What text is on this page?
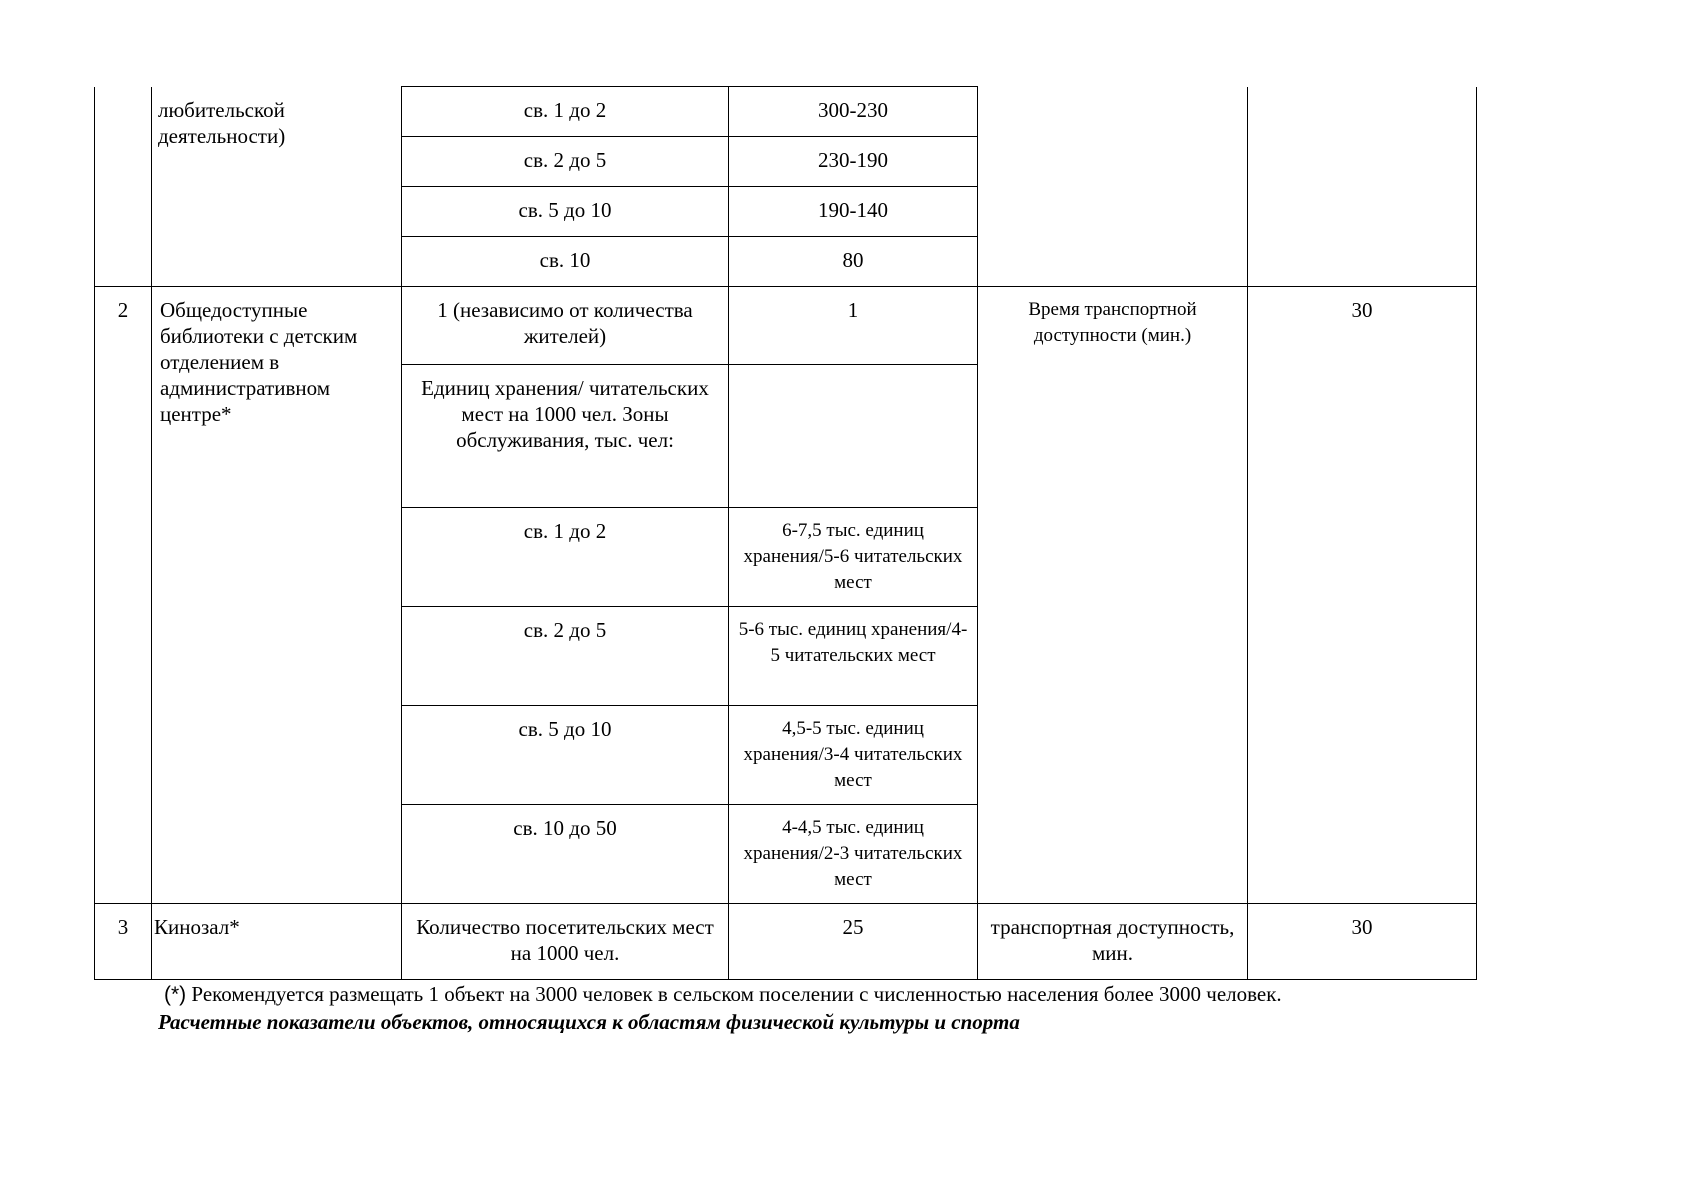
	любительской деятельности)	св. 1 до 2	300-230		
		св. 2 до 5	230-190		
		св. 5 до 10	190-140		
		св. 10	80		
2	Общедоступные библиотеки с детским отделением в административном центре*	1 (независимо от количества жителей)	1	Время транспортной доступности (мин.)	30
		Единиц хранения/ читательских мест на 1000 чел. Зоны обслуживания, тыс. чел:			
		св. 1 до 2	6-7,5 тыс. единиц хранения/5-6 читательских мест		
		св. 2 до 5	5-6 тыс. единиц хранения/4-5 читательских мест		
		св. 5 до 10	4,5-5 тыс. единиц хранения/3-4 читательских мест		
		св. 10 до 50	4-4,5 тыс. единиц хранения/2-3 читательских мест		
3	Кинозал*	Количество посетительских мест на 1000 чел.	25	транспортная доступность, мин.	30
(*) Рекомендуется размещать 1 объект на 3000 человек в сельском поселении с численностью населения более 3000 человек.
Расчетные показатели объектов, относящихся к областям физической культуры и спорта
